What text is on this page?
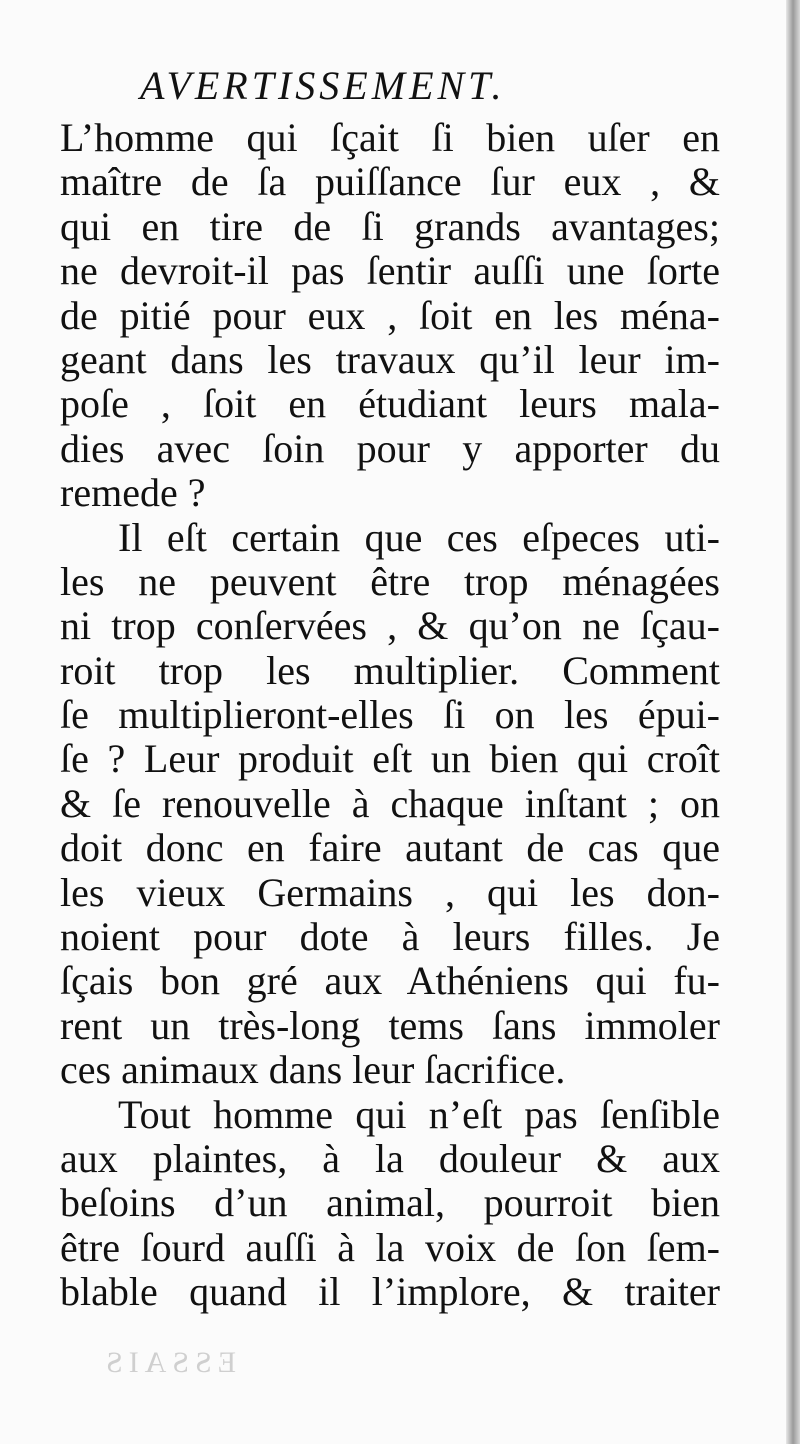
AVERTISSEMENT.
L’homme qui ſçait ſi bien uſer en
maître de ſa puiſſance ſur eux , &
qui en tire de ſi grands avantages;
ne devroit-il pas ſentir auſſi une ſorte
de pitié pour eux , ſoit en les ména-
geant dans les travaux qu’il leur im-
poſe , ſoit en étudiant leurs mala-
dies avec ſoin pour y apporter du
remede ?
Il eſt certain que ces eſpeces uti-
les ne peuvent être trop ménagées
ni trop conſervées , & qu’on ne ſçau-
roit trop les multiplier. Comment
ſe multiplieront-elles ſi on les épui-
ſe ? Leur produit eſt un bien qui croît
& ſe renouvelle à chaque inſtant ; on
doit donc en faire autant de cas que
les vieux Germains , qui les don-
noient pour dote à leurs filles. Je
ſçais bon gré aux Athéniens qui fu-
rent un très-long tems ſans immoler
ces animaux dans leur ſacrifice.
Tout homme qui n’eſt pas ſenſible
aux plaintes, à la douleur & aux
beſoins d’un animal, pourroit bien
être ſourd auſſi à la voix de ſon ſem-
blable quand il l’implore, & traiter
ESSAIS
